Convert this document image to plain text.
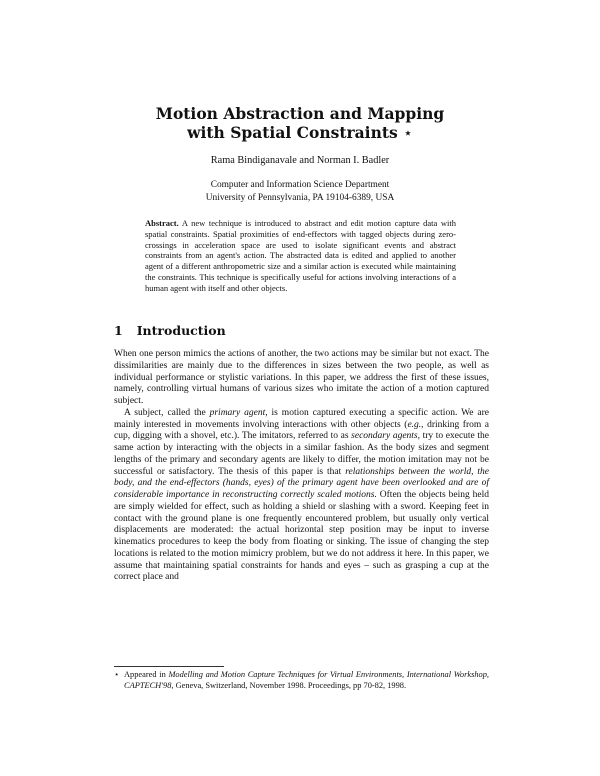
Motion Abstraction and Mapping
with Spatial Constraints ⋆
Rama Bindiganavale and Norman I. Badler
Computer and Information Science Department
University of Pennsylvania, PA 19104-6389, USA
Abstract. A new technique is introduced to abstract and edit motion capture data with spatial constraints. Spatial proximities of end-effectors with tagged objects during zero-crossings in acceleration space are used to isolate significant events and abstract constraints from an agent's action. The abstracted data is edited and applied to another agent of a different anthropometric size and a similar action is executed while maintaining the constraints. This technique is specifically useful for actions involving interactions of a human agent with itself and other objects.
1 Introduction

When one person mimics the actions of another, the two actions may be similar but not exact. The dissimilarities are mainly due to the differences in sizes between the two people, as well as individual performance or stylistic variations. In this paper, we address the first of these issues, namely, controlling virtual humans of various sizes who imitate the action of a motion captured subject.

A subject, called the primary agent, is motion captured executing a specific action. We are mainly interested in movements involving interactions with other objects (e.g., drinking from a cup, digging with a shovel, etc.). The imitators, referred to as secondary agents, try to execute the same action by interacting with the objects in a similar fashion. As the body sizes and segment lengths of the primary and secondary agents are likely to differ, the motion imitation may not be successful or satisfactory. The thesis of this paper is that relationships between the world, the body, and the end-effectors (hands, eyes) of the primary agent have been overlooked and are of considerable importance in reconstructing correctly scaled motions. Often the objects being held are simply wielded for effect, such as holding a shield or slashing with a sword. Keeping feet in contact with the ground plane is one frequently encountered problem, but usually only vertical displacements are moderated: the actual horizontal step position may be input to inverse kinematics procedures to keep the body from floating or sinking. The issue of changing the step locations is related to the motion mimicry problem, but we do not address it here. In this paper, we assume that maintaining spatial constraints for hands and eyes – such as grasping a cup at the correct place and

⋆ Appeared in Modelling and Motion Capture Techniques for Virtual Environments, International Workshop, CAPTECH'98, Geneva, Switzerland, November 1998. Proceedings, pp 70-82, 1998.
